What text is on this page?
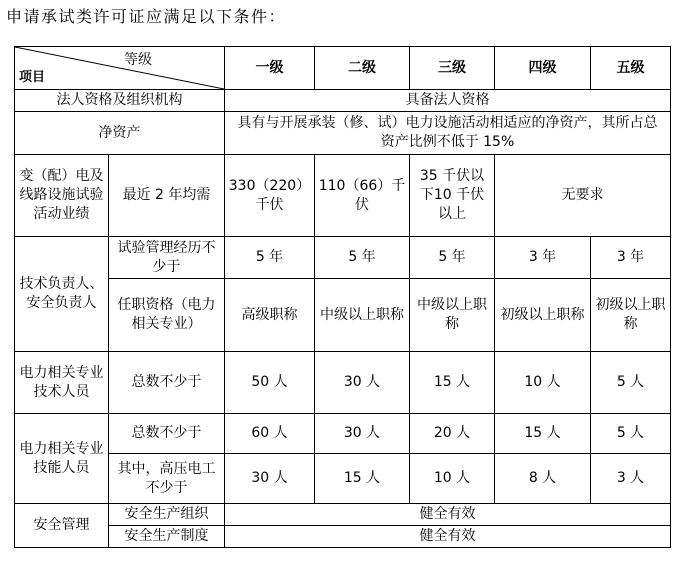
申请承试类许可证应满足以下条件：
等级
项目		一级	二级	三级	四级	五级
法人资格及组织机构		具备法人资格				
净资产		具有与开展承装（修、试）电力设施活动相适应的净资产，其所占总资产比例不低于 15%				
变（配）电及线路设施试验活动业绩	最近 2 年均需	330（220）千伏	110（66）千伏	35 千伏以下10 千伏以上	无要求	
技术负责人、安全负责人	试验管理经历不少于	5 年	5 年	5 年	3 年	3 年
	任职资格（电力相关专业）	高级职称	中级以上职称	中级以上职称	初级以上职称	初级以上职称
电力相关专业技术人员	总数不少于	50 人	30 人	15 人	10 人	5 人
电力相关专业技能人员	总数不少于	60 人	30 人	20 人	15 人	5 人
	其中，高压电工不少于	30 人	15 人	10 人	8 人	3 人
安全管理	安全生产组织	健全有效				
	安全生产制度	健全有效				
